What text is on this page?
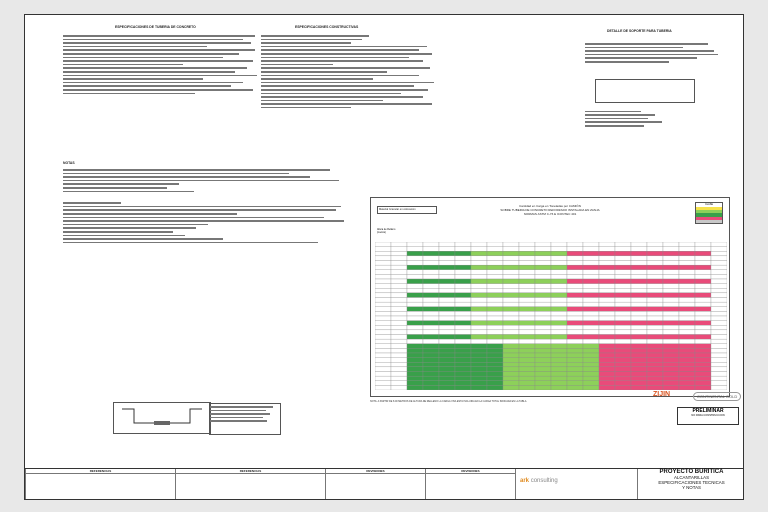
ESPECIFICACIONES DE TUBERIA DE CONCRETO	ESPECIFICACIONES CONSTRUCTIVAS
DETALLE DE SOPORTE PARA TUBERIA
NOTAS
Cantidad en Carga en Toneladas por CAMIÓN
SOBRE TUBERIA DE CONCRETO REFORZADO INSTALADA EN ZANJA
NORMAS ASTM C-76 E ICONTEC 401
Material Granular en colocacion
CLASE
Altura de Relleno (metros)
NOTA: A PARTIR DE 8.00 METROS DE ALTURA DE RELLENO LA CARGA VIVA ESTA INCLUIDA EN LA CARGA TOTAL INDICADA EN LA TABLA
ZIJIN	CONTINENTAL GOLD
PRELIMINAR
NO PARA CONSTRUCCION
REFERENCIAS	REFERENCIAS	REVISIONES	REVISIONES
ark consulting
PROYECTO BURITICA
ALCANTARILLAS
ESPECIFICACIONES TECNICAS
Y NOTAS
